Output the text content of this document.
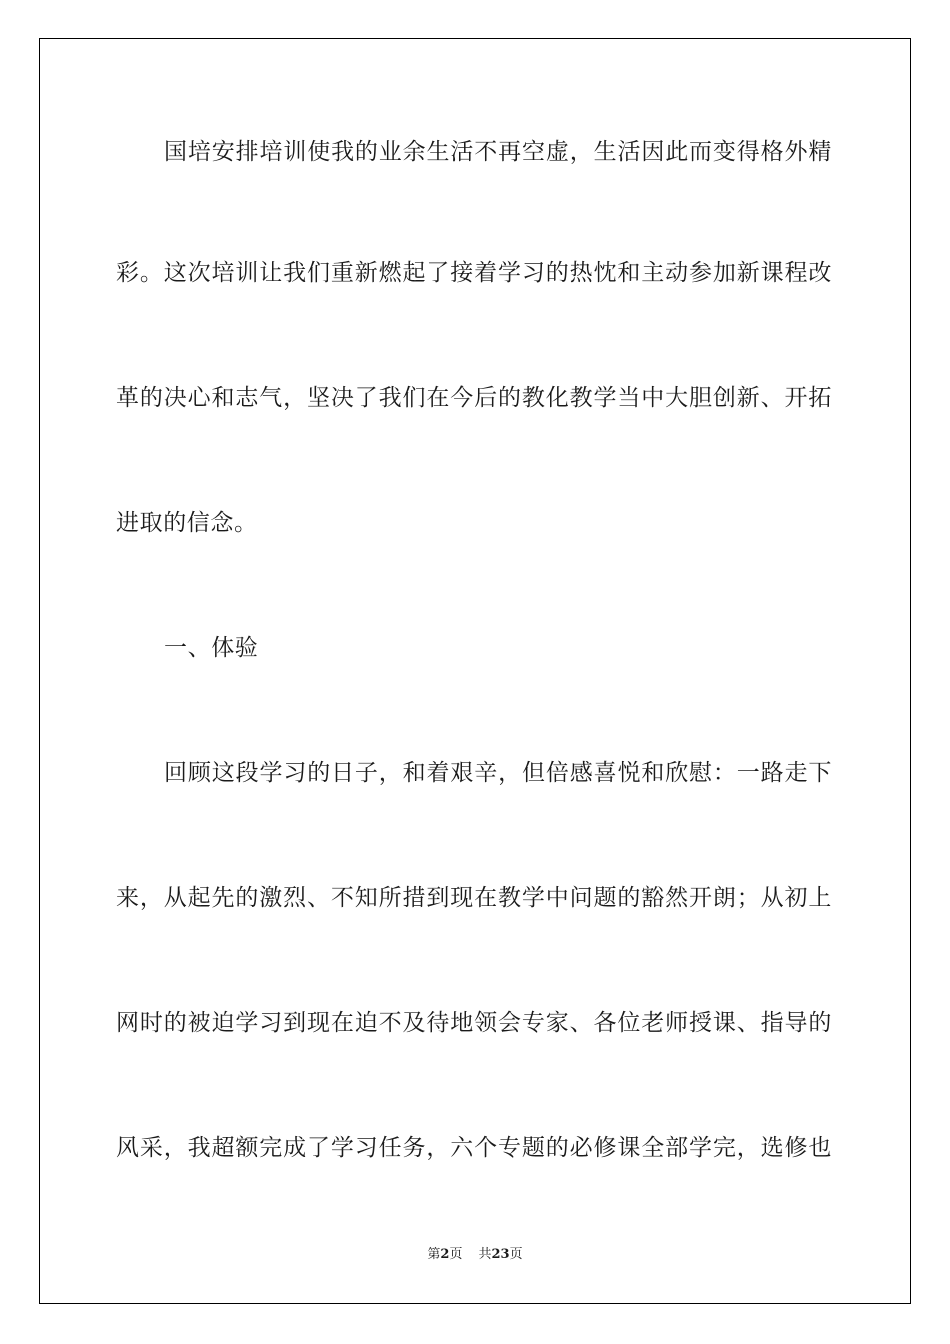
国培安排培训使我的业余生活不再空虚，生活因此而变得格外精
彩。这次培训让我们重新燃起了接着学习的热忱和主动参加新课程改
革的决心和志气，坚决了我们在今后的教化教学当中大胆创新、开拓
进取的信念。
一、体验
回顾这段学习的日子，和着艰辛，但倍感喜悦和欣慰：一路走下
来，从起先的激烈、不知所措到现在教学中问题的豁然开朗；从初上
网时的被迫学习到现在迫不及待地领会专家、各位老师授课、指导的
风采，我超额完成了学习任务，六个专题的必修课全部学完，选修也
第2页 共23页
